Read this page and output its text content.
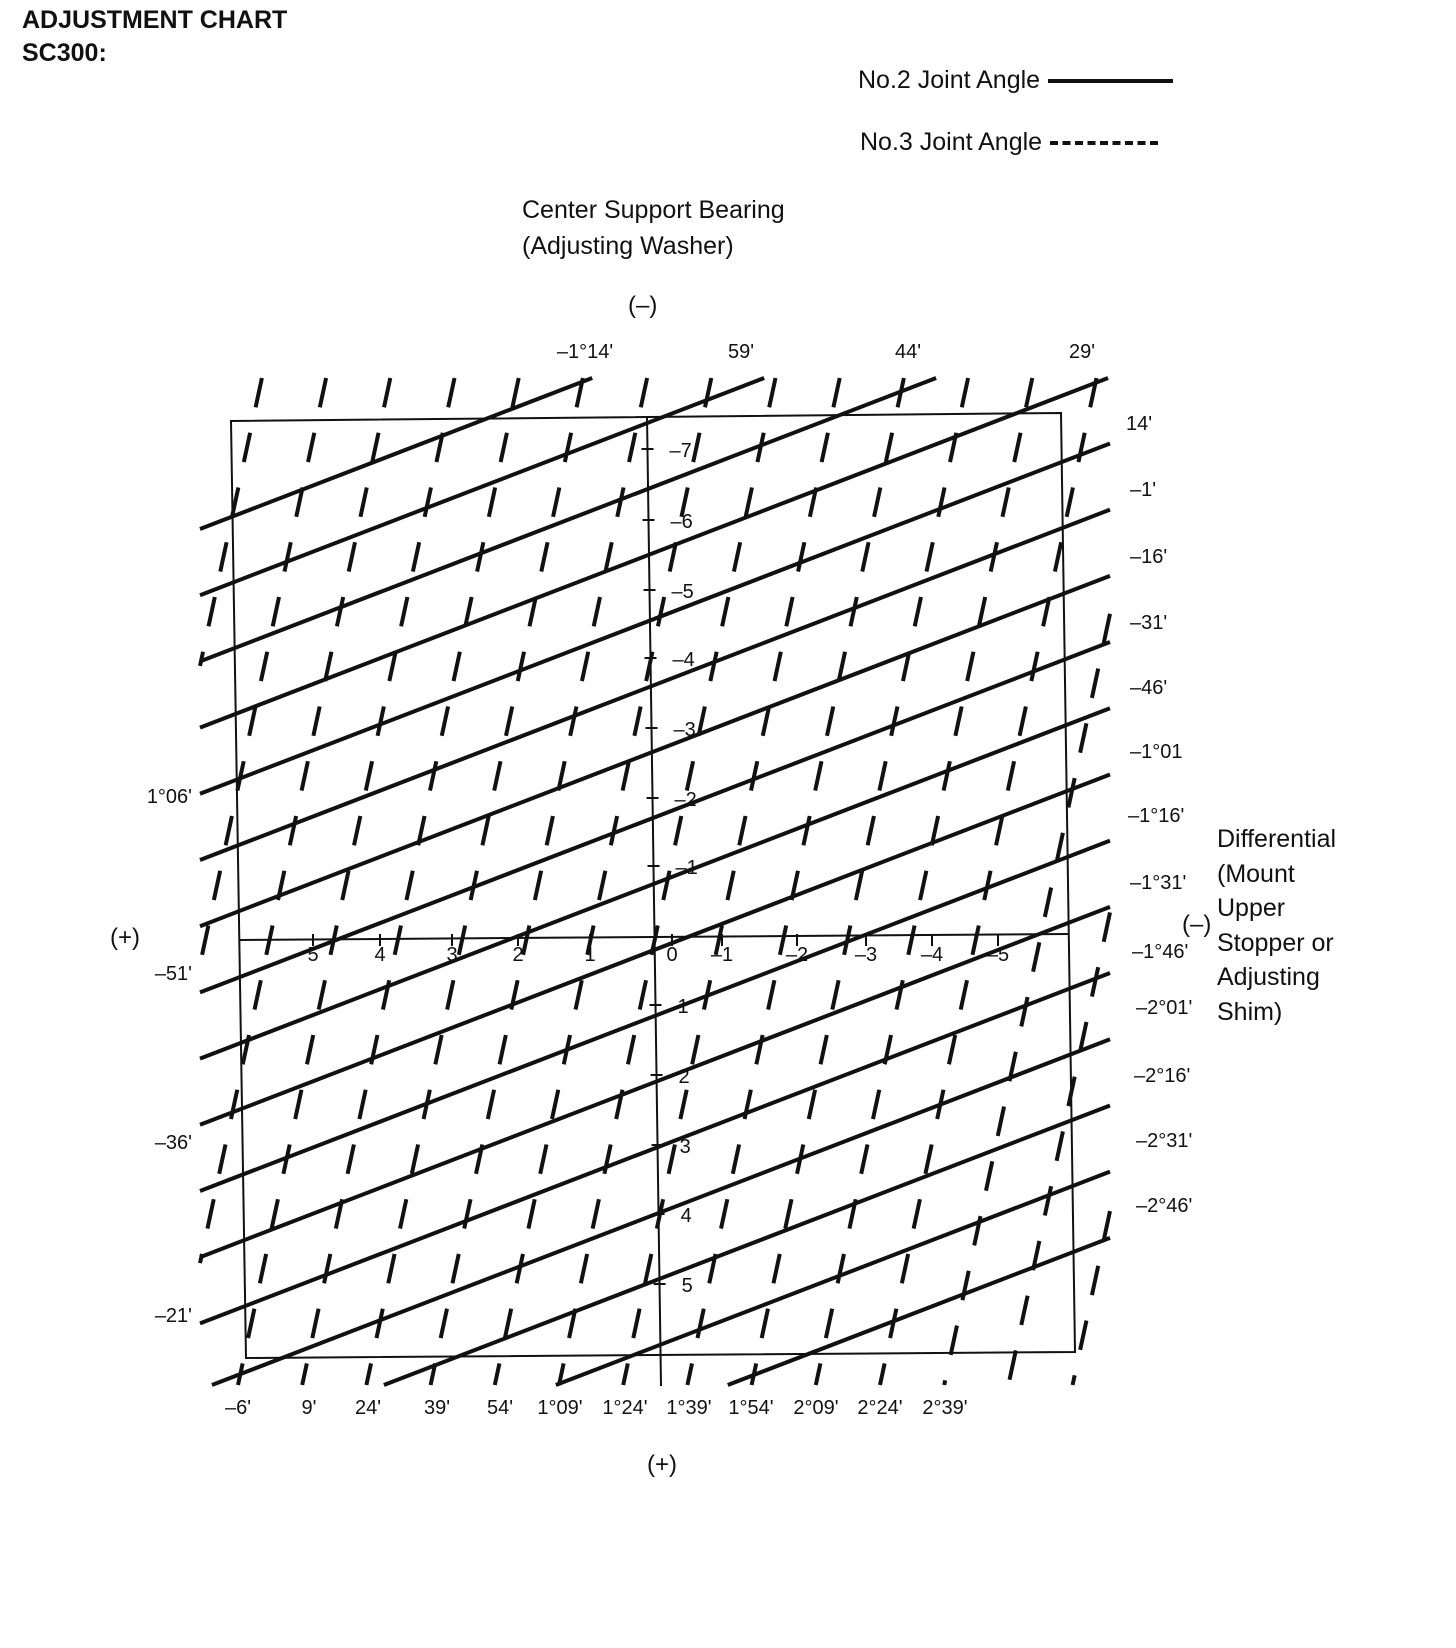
ADJUSTMENT CHART
SC300:
No.2 Joint Angle
No.3 Joint Angle
Center Support Bearing
(Adjusting Washer)
Differential
(Mount
Upper
Stopper or
Adjusting
Shim)
–7
–6
–5
–4
–3
–2
–1
1
2
3
4
5
5	4	3	2	1	0 –1	–2 –3 –4 –5
–1°14'	59'	44'	29'
14'
–1'
–16'
–31'
–46'
–1°01
–1°16'
–1°31'
–1°46'
–2°01'
–2°16'
–2°31'
–2°46'
1°06'
–51'
–36'
–21'
–6'	9' 24' 39' 54' 1°09' 1°24' 1°39' 1°54' 2°09' 2°24' 2°39'
(–)
(+)
(+)	(–)
